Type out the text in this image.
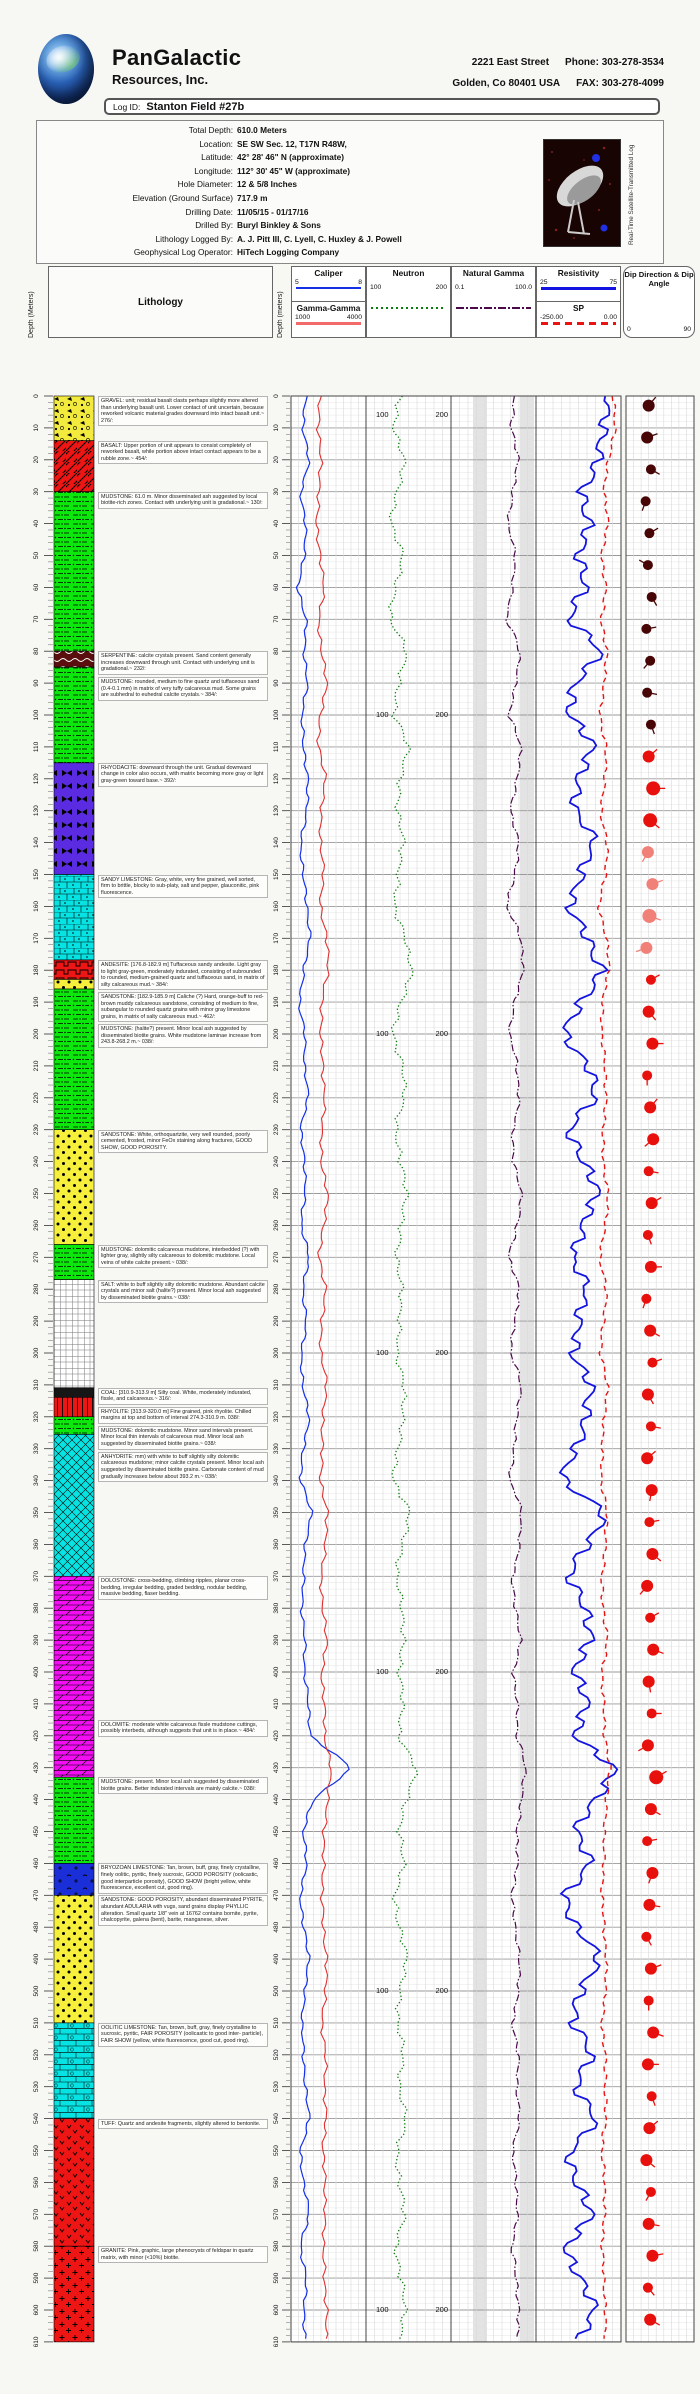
PanGalactic
Resources, Inc.
2221 East Street Phone: 303-278-3534
Golden, Co 80401 USA FAX: 303-278-4099
Log ID: Stanton Field #27b
Total Depth: 610.0 Meters
Location: SE SW Sec. 12, T17N R48W,
Latitude: 42° 28' 46" N (approximate)
Longitude: 112° 30' 45" W (approximate)
Hole Diameter: 12 & 5/8 Inches
Elevation (Ground Surface) 717.9 m
Drilling Date: 11/05/15 - 01/17/16
Drilled By: Buryl Binkley & Sons
Lithology Logged By: A. J. Pitt III, C. Lyell, C. Huxley & J. Powell
Geophysical Log Operator: HiTech Logging Company
Real-Time Satellite-Transmitted Log
Depth (Meters)	Lithology	Depth (meters)
Caliper
5	8
Gamma-Gamma
1000	4000
Neutron
100	200
Natural Gamma
0.1	100.0
Resistivity
25	75
SP
-250.00	0.00
Dip Direction & Dip Angle
0	90
0	0
10	10
20	20
30	30
40	40
50	50
60	60
70	70
80	80
90	90
100	100
110	110
120	120
130	130
140	140
150	150
160	160
170	170
180	180
190	190
200	200
210	210
220	220
230	230
240	240
250	250
260	260
270	270
280	280
290	290
300	300
310	310
320	320
330	330
340	340
350	350
360	360
370	370
380	380
390	390
400	400
410	410
420	420
430	430
440	440
450	450
460	460
470	470
480	480
490	490
500	500
510	510
520	520
530	530
540	540
550	550
560	560
570	570
580	580
590	590
600	600
610	610
100	200
100	200
100	200
100	200
100	200
100	200
100	200
GRAVEL: unit; residual basalt clasts perhaps slightly more altered than underlying basalt unit. Lower contact of unit uncertain, because reworked volcanic material grades downward into intact basalt unit.~ 276/:
BASALT: Upper portion of unit appears to consist completely of reworked basalt, while portion above intact contact appears to be a rubble zone.~ 454/:
MUDSTONE: 61.0 m. Minor disseminated ash suggested by local biotite-rich zones. Contact with underlying unit is gradational.~ 130/:
SERPENTINE: calcite crystals present. Sand content generally increases downward through unit. Contact with underlying unit is gradational.~ 232/:
MUDSTONE: rounded, medium to fine quartz and tuffaceous sand (0.4-0.1 mm) in matrix of very tuffy calcareous mud. Some grains are subhedral to euhedral calcite crystals.~ 384/:
RHYODACITE: downward through the unit. Gradual downward change in color also occurs, with matrix becoming more gray or light gray-green toward base.~ 392/:
SANDY LIMESTONE: Gray, white, very fine grained, well sorted, firm to brittle, blocky to sub-platy, salt and pepper, glauconitic, pink fluorescence.
ANDESITE: [176.8-182.9 m] Tuffaceous sandy andesite. Light gray to light gray-green, moderately indurated, consisting of subrounded to rounded, medium-grained quartz and tuffaceous sand, in matrix of silty calcareous mud.~ 384/:
SANDSTONE: [182.9-185.9 m] Caliche (?) Hard, orange-buff to red-brown muddy calcareous sandstone, consisting of medium to fine, subangular to rounded quartz grains with minor gray limestone grains, in matrix of salty calcareous mud.~ 462/:
MUDSTONE: (halite?) present. Minor local ash suggested by disseminated biotite grains. White mudstone laminae increase from 243.8-268.2 m.~ 038/:
SANDSTONE: White, orthoquartzite, very well rounded, poorly cemented, frosted, minor FeOx staining along fractures, GOOD SHOW, GOOD POROSITY.
MUDSTONE: dolomitic calcareous mudstone, interbedded (?) with lighter gray, slightly silty calcareous to dolomitic mudstone. Local veins of white calcite present.~ 038/:
SALT: white to buff slightly silty dolomitic mudstone. Abundant calcite crystals and minor salt (halite?) present. Minor local ash suggested by disseminated biotite grains.~ 038/:
COAL: [310.9-313.9 m] Silty coal. White, moderately indurated, fissle, and calcareous.~ 316/:
RHYOLITE: [313.9-320.0 m] Fine grained, pink rhyolite. Chilled margins at top and bottom of interval 274.3-310.9 m. 038/:
MUDSTONE: dolomitic mudstone. Minor sand intervals present. Minor local thin intervals of calcareous mud. Minor local ash suggested by disseminated biotite grains.~ 038/:
ANHYDRITE: mm) with white to buff slightly silty dolomitic calcareous mudstone; minor calcite crystals present. Minor local ash suggested by disseminated biotite grains. Carbonate content of mud gradually increases below about 393.2 m.~ 038/:
DOLOSTONE: cross-bedding, climbing ripples, planar cross-bedding, irregular bedding, graded bedding, nodular bedding, massive bedding, flaser bedding.
DOLOMITE: moderate white calcareous fissle mudstone cuttings, possibly interbeds, although suggests that unit is in place.~ 484/:
MUDSTONE: present. Minor local ash suggested by disseminated biotite grains. Better indurated intervals are mainly calcite.~ 038/:
BRYOZOAN LIMESTONE: Tan, brown, buff, gray, finely crystalline, finely oolitic, pyritic, finely sucrosic, GOOD POROSITY (oolicastic, good interparticle porosity), GOOD SHOW (bright yellow, white fluorescence, excellent cut, good ring).
SANDSTONE: GOOD POROSITY, abundant disseminated PYRITE, abundant ADULARIA with vugs, sand grains display PHYLLIC alteration. Small quartz 1/8" vein at 16762 contains bornite, pyrite, chalcopyrite, galena (bent), barite, manganese, silver.
OOLITIC LIMESTONE: Tan, brown, buff, gray, finely crystalline to sucrosic, pyritic, FAIR POROSITY (oolicastic to good inter- particle), FAIR SHOW (yellow, white fluorescence, good cut, good ring).
TUFF: Quartz and andesite fragments, slightly altered to bentonite.
GRANITE: Pink, graphic, large phenocrysts of feldspar in quartz matrix, with minor (<10%) biotite.
